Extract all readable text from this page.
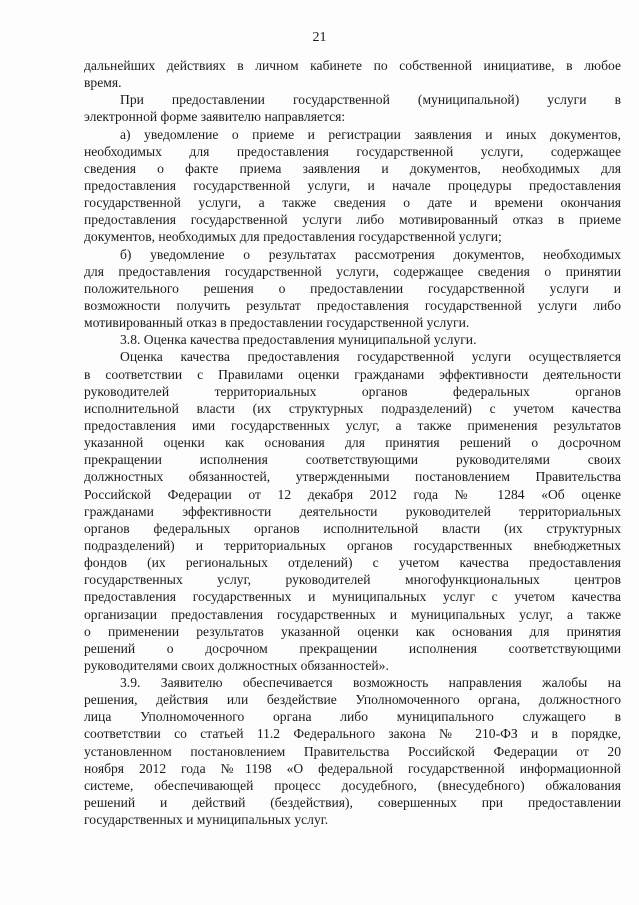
21
дальнейших действиях в личном кабинете по собственной инициативе, в любое
время.
При предоставлении государственной (муниципальной) услуги в
электронной форме заявителю направляется:
а) уведомление о приеме и регистрации заявления и иных документов,
необходимых для предоставления государственной услуги, содержащее
сведения о факте приема заявления и документов, необходимых для
предоставления государственной услуги, и начале процедуры предоставления
государственной услуги, а также сведения о дате и времени окончания
предоставления государственной услуги либо мотивированный отказ в приеме
документов, необходимых для предоставления государственной услуги;
б) уведомление о результатах рассмотрения документов, необходимых
для предоставления государственной услуги, содержащее сведения о принятии
положительного решения о предоставлении государственной услуги и
возможности получить результат предоставления государственной услуги либо
мотивированный отказ в предоставлении государственной услуги.
3.8. Оценка качества предоставления муниципальной услуги.
Оценка качества предоставления государственной услуги осуществляется
в соответствии с Правилами оценки гражданами эффективности деятельности
руководителей территориальных органов федеральных органов
исполнительной власти (их структурных подразделений) с учетом качества
предоставления ими государственных услуг, а также применения результатов
указанной оценки как основания для принятия решений о досрочном
прекращении исполнения соответствующими руководителями своих
должностных обязанностей, утвержденными постановлением Правительства
Российской Федерации от 12 декабря 2012 года № 1284 «Об оценке
гражданами эффективности деятельности руководителей территориальных
органов федеральных органов исполнительной власти (их структурных
подразделений) и территориальных органов государственных внебюджетных
фондов (их региональных отделений) с учетом качества предоставления
государственных услуг, руководителей многофункциональных центров
предоставления государственных и муниципальных услуг с учетом качества
организации предоставления государственных и муниципальных услуг, а также
о применении результатов указанной оценки как основания для принятия
решений о досрочном прекращении исполнения соответствующими
руководителями своих должностных обязанностей».
3.9. Заявителю обеспечивается возможность направления жалобы на
решения, действия или бездействие Уполномоченного органа, должностного
лица Уполномоченного органа либо муниципального служащего в
соответствии со статьей 11.2 Федерального закона № 210-ФЗ и в порядке,
установленном постановлением Правительства Российской Федерации от 20
ноября 2012 года №1198 «О федеральной государственной информационной
системе, обеспечивающей процесс досудебного, (внесудебного) обжалования
решений и действий (бездействия), совершенных при предоставлении
государственных и муниципальных услуг.
